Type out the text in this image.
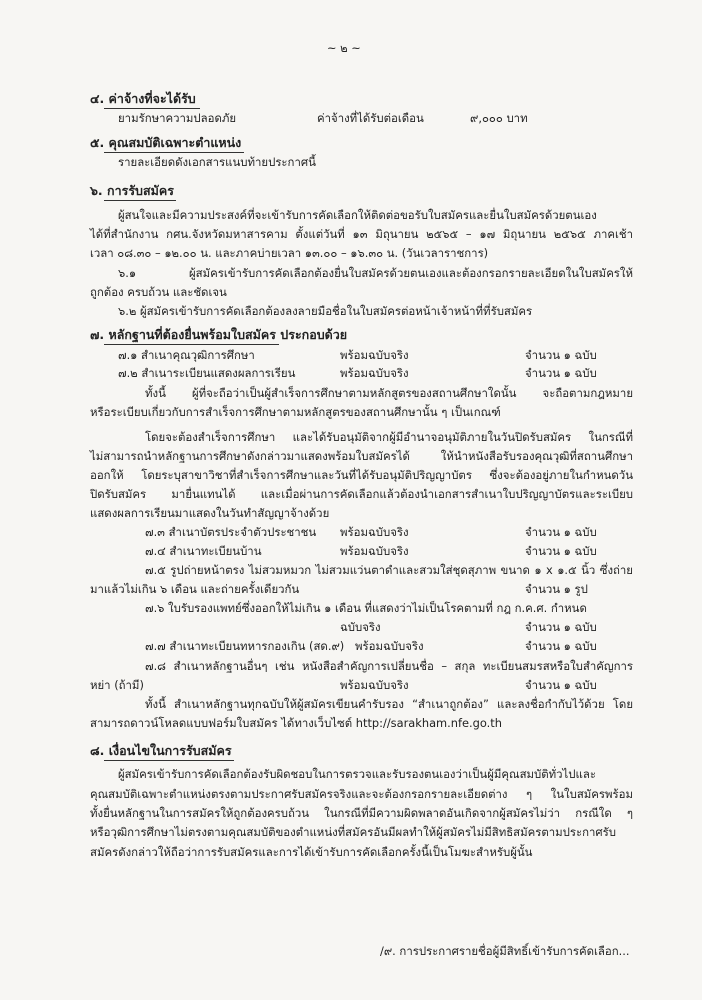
~ ๒ ~
๔. ค่าจ้างที่จะได้รับ
ยามรักษาความปลอดภัย	ค่าจ้างที่ได้รับต่อเดือน	๙,๐๐๐ บาท
๕. คุณสมบัติเฉพาะตำแหน่ง
รายละเอียดดังเอกสารแนบท้ายประกาศนี้
๖. การรับสมัคร
ผู้สนใจและมีความประสงค์ที่จะเข้ารับการคัดเลือกให้ติดต่อขอรับใบสมัครและยื่นใบสมัครด้วยตนเอง
ได้ที่สำนักงาน กศน.จังหวัดมหาสารคาม ตั้งแต่วันที่ ๑๓ มิถุนายน ๒๕๖๕ – ๑๗ มิถุนายน ๒๕๖๕ ภาคเช้า
เวลา ๐๘.๓๐ – ๑๒.๐๐ น. และภาคบ่ายเวลา ๑๓.๐๐ – ๑๖.๓๐ น. (วันเวลาราชการ)
๖.๑ ผู้สมัครเข้ารับการคัดเลือกต้องยื่นใบสมัครด้วยตนเองและต้องกรอกรายละเอียดในใบสมัครให้
ถูกต้อง ครบถ้วน และชัดเจน
๖.๒ ผู้สมัครเข้ารับการคัดเลือกต้องลงลายมือชื่อในใบสมัครต่อหน้าเจ้าหน้าที่ที่รับสมัคร
๗. หลักฐานที่ต้องยื่นพร้อมใบสมัคร ประกอบด้วย
๗.๑ สำเนาคุณวุฒิการศึกษา	พร้อมฉบับจริง	จำนวน ๑ ฉบับ
๗.๒ สำเนาระเบียนแสดงผลการเรียน	พร้อมฉบับจริง	จำนวน ๑ ฉบับ
ทั้งนี้ ผู้ที่จะถือว่าเป็นผู้สำเร็จการศึกษาตามหลักสูตรของสถานศึกษาใดนั้น จะถือตามกฎหมาย
หรือระเบียบเกี่ยวกับการสำเร็จการศึกษาตามหลักสูตรของสถานศึกษานั้น ๆ เป็นเกณฑ์
โดยจะต้องสำเร็จการศึกษา และได้รับอนุมัติจากผู้มีอำนาจอนุมัติภายในวันปิดรับสมัคร ในกรณีที่
ไม่สามารถนำหลักฐานการศึกษาดังกล่าวมาแสดงพร้อมใบสมัครได้ ให้นำหนังสือรับรองคุณวุฒิที่สถานศึกษา
ออกให้ โดยระบุสาขาวิชาที่สำเร็จการศึกษาและวันที่ได้รับอนุมัติปริญญาบัตร ซึ่งจะต้องอยู่ภายในกำหนดวัน
ปิดรับสมัคร มายื่นแทนได้ และเมื่อผ่านการคัดเลือกแล้วต้องนำเอกสารสำเนาใบปริญญาบัตรและระเบียบ
แสดงผลการเรียนมาแสดงในวันทำสัญญาจ้างด้วย
๗.๓ สำเนาบัตรประจำตัวประชาชน พร้อมฉบับจริง	จำนวน ๑ ฉบับ
๗.๔ สำเนาทะเบียนบ้าน	พร้อมฉบับจริง	จำนวน ๑ ฉบับ
๗.๕ รูปถ่ายหน้าตรง ไม่สวมหมวก ไม่สวมแว่นตาดำและสวมใส่ชุดสุภาพ ขนาด ๑ x ๑.๕ นิ้ว ซึ่งถ่าย
มาแล้วไม่เกิน ๖ เดือน และถ่ายครั้งเดียวกัน	จำนวน ๑ รูป
๗.๖ ใบรับรองแพทย์ซึ่งออกให้ไม่เกิน ๑ เดือน ที่แสดงว่าไม่เป็นโรคตามที่ กฎ ก.ค.ศ. กำหนด
ฉบับจริง	จำนวน ๑ ฉบับ
๗.๗ สำเนาทะเบียนทหารกองเกิน (สด.๙) พร้อมฉบับจริง	จำนวน ๑ ฉบับ
๗.๘ สำเนาหลักฐานอื่นๆ เช่น หนังสือสำคัญการเปลี่ยนชื่อ – สกุล ทะเบียนสมรสหรือใบสำคัญการ
หย่า (ถ้ามี)	พร้อมฉบับจริง	จำนวน ๑ ฉบับ
ทั้งนี้ สำเนาหลักฐานทุกฉบับให้ผู้สมัครเขียนคำรับรอง “สำเนาถูกต้อง” และลงชื่อกำกับไว้ด้วย โดย
สามารถดาวน์โหลดแบบฟอร์มใบสมัคร ได้ทางเว็บไซต์ http://sarakham.nfe.go.th
๘. เงื่อนไขในการรับสมัคร
ผู้สมัครเข้ารับการคัดเลือกต้องรับผิดชอบในการตรวจและรับรองตนเองว่าเป็นผู้มีคุณสมบัติทั่วไปและ
คุณสมบัติเฉพาะตำแหน่งตรงตามประกาศรับสมัครจริงและจะต้องกรอกรายละเอียดต่าง ๆ ในใบสมัครพร้อม
ทั้งยื่นหลักฐานในการสมัครให้ถูกต้องครบถ้วน ในกรณีที่มีความผิดพลาดอันเกิดจากผู้สมัครไม่ว่า กรณีใด ๆ
หรือวุฒิการศึกษาไม่ตรงตามคุณสมบัติของตำแหน่งที่สมัครอันมีผลทำให้ผู้สมัครไม่มีสิทธิสมัครตามประกาศรับ
สมัครดังกล่าวให้ถือว่าการรับสมัครและการได้เข้ารับการคัดเลือกครั้งนี้เป็นโมฆะสำหรับผู้นั้น
/๙. การประกาศรายชื่อผู้มีสิทธิ์เข้ารับการคัดเลือก...
